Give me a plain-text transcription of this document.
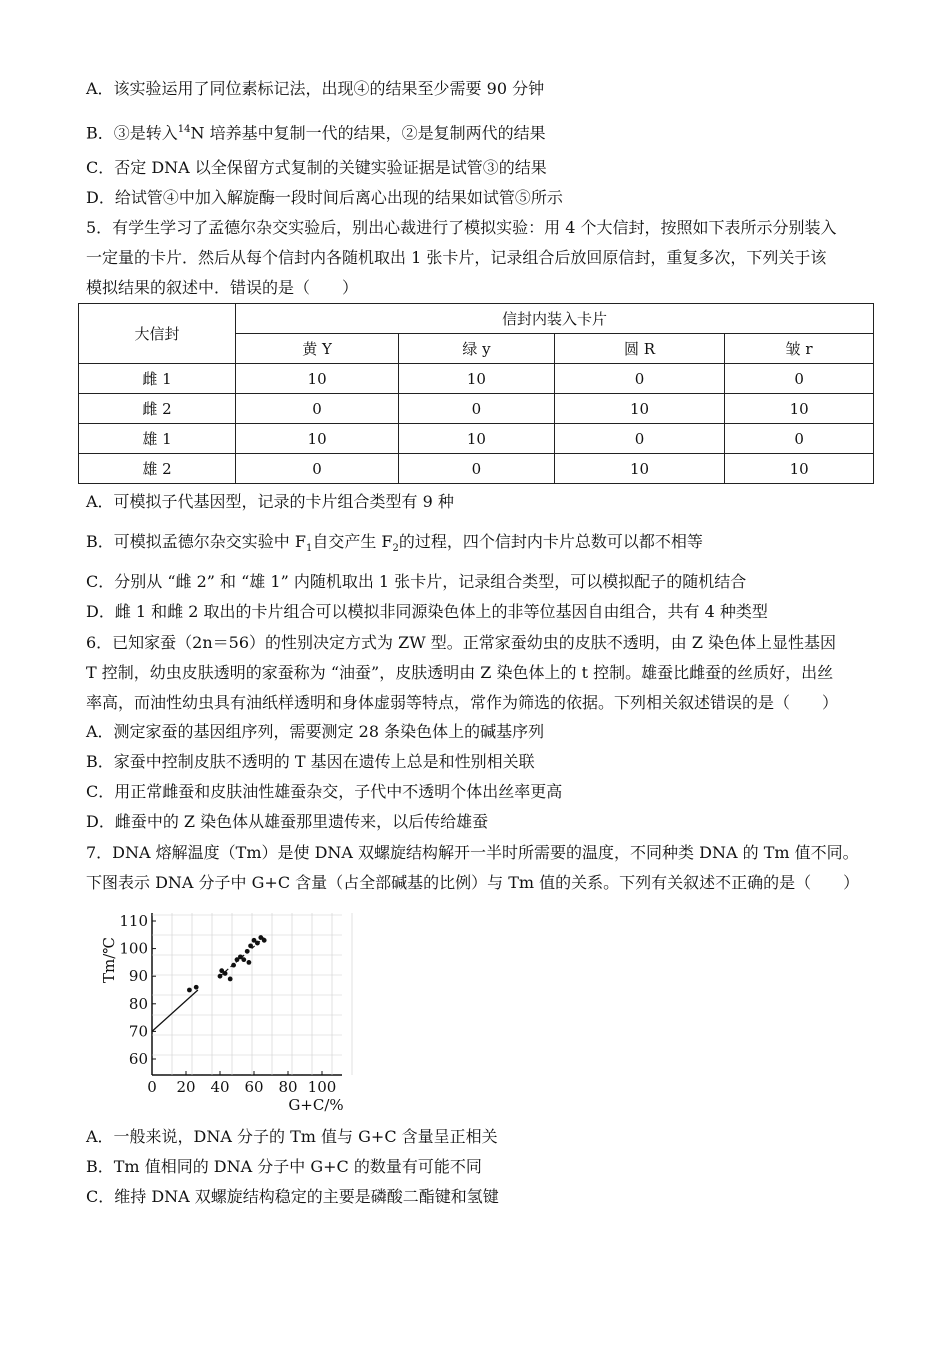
A．该实验运用了同位素标记法，出现④的结果至少需要 90 分钟
B．③是转入$^{14}$N 培养基中复制一代的结果，②是复制两代的结果
C．否定 DNA 以全保留方式复制的关键实验证据是试管③的结果
D．给试管④中加入解旋酶一段时间后离心出现的结果如试管⑤所示
5．有学生学习了孟德尔杂交实验后，别出心裁进行了模拟实验：用 4 个大信封，按照如下表所示分别装入
一定量的卡片．然后从每个信封内各随机取出 1 张卡片，记录组合后放回原信封，重复多次，下列关于该
模拟结果的叙述中．错误的是（　　）
大信封	信封内装入卡片			
	黄 Y	绿 y	圆 R	皱 r
雌 1	10	10	0	0
雌 2	0	0	10	10
雄 1	10	10	0	0
雄 2	0	0	10	10
A．可模拟子代基因型，记录的卡片组合类型有 9 种
B．可模拟孟德尔杂交实验中 $F_1$自交产生 $F_2$的过程，四个信封内卡片总数可以都不相等
C．分别从 “雌 2” 和 “雄 1” 内随机取出 1 张卡片，记录组合类型，可以模拟配子的随机结合
D．雌 1 和雌 2 取出的卡片组合可以模拟非同源染色体上的非等位基因自由组合，共有 4 种类型
6．已知家蚕（2n＝56）的性别决定方式为 ZW 型。正常家蚕幼虫的皮肤不透明，由 Z 染色体上显性基因
T 控制，幼虫皮肤透明的家蚕称为 “油蚕”，皮肤透明由 Z 染色体上的 t 控制。雄蚕比雌蚕的丝质好，出丝
率高，而油性幼虫具有油纸样透明和身体虚弱等特点，常作为筛选的依据。下列相关叙述错误的是（　　）
A．测定家蚕的基因组序列，需要测定 28 条染色体上的碱基序列
B．家蚕中控制皮肤不透明的 T 基因在遗传上总是和性别相关联
C．用正常雌蚕和皮肤油性雄蚕杂交，子代中不透明个体出丝率更高
D．雌蚕中的 Z 染色体从雄蚕那里遗传来，以后传给雄蚕
7．DNA 熔解温度（Tm）是使 DNA 双螺旋结构解开一半时所需要的温度，不同种类 DNA 的 Tm 值不同。
下图表示 DNA 分子中 G+C 含量（占全部碱基的比例）与 Tm 值的关系。下列有关叙述不正确的是（　　）
0 20 40 60 80 100
60
70
80
90
100
110
Tm/℃
G+C/%
A．一般来说，DNA 分子的 Tm 值与 G+C 含量呈正相关
B．Tm 值相同的 DNA 分子中 G+C 的数量有可能不同
C．维持 DNA 双螺旋结构稳定的主要是磷酸二酯键和氢键
